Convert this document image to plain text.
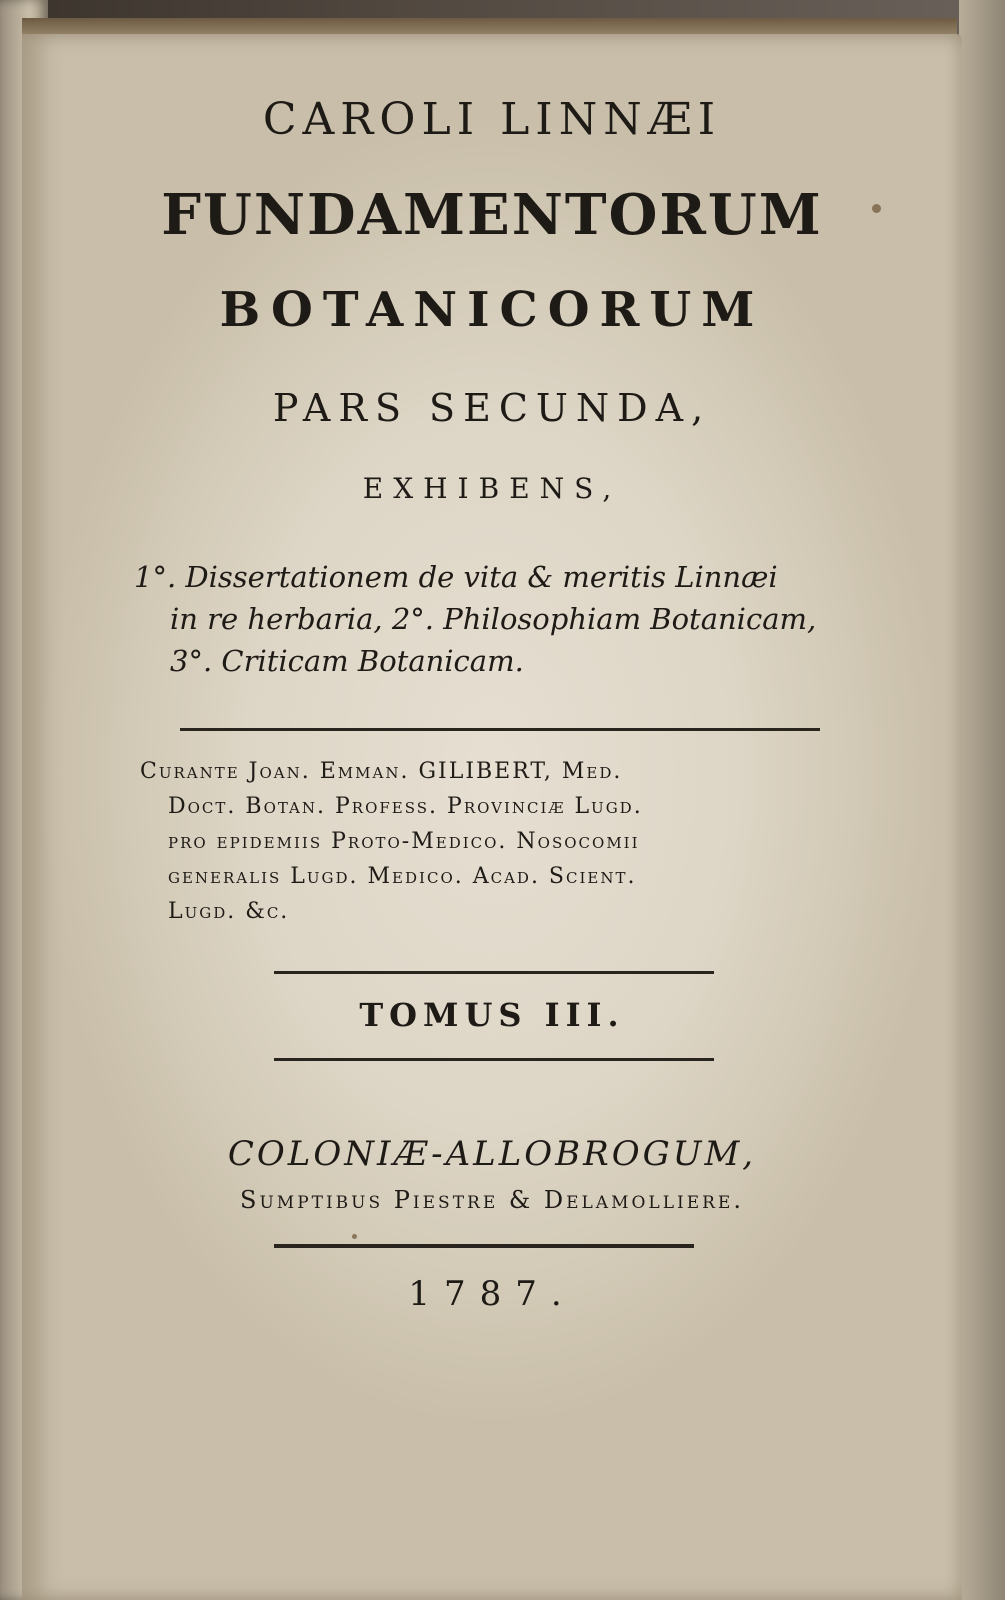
CAROLI LINNÆI
FUNDAMENTORUM
BOTANICORUM
PARS SECUNDA,
EXHIBENS,
1°. Dissertationem de vita & meritis Linnæi
in re herbaria, 2°. Philosophiam Botanicam,
3°. Criticam Botanicam.
Curante Joan. Emman. GILIBERT, Med.
Doct. Botan. Profess. Provinciæ Lugd.
pro epidemiis Proto-Medico. Nosocomii
generalis Lugd. Medico. Acad. Scient.
Lugd. &c.
TOMUS III.
COLONIÆ-ALLOBROGUM,
Sumptibus Piestre & Delamolliere.
1787.
